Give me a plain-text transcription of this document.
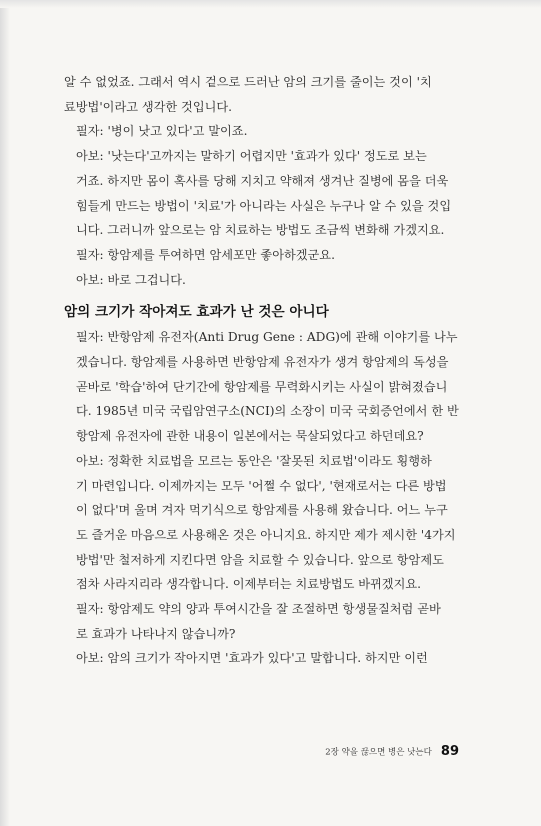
알 수 없었죠. 그래서 역시 겉으로 드러난 암의 크기를 줄이는 것이 '치
료방법'이라고 생각한 것입니다.

필자: '병이 낫고 있다'고 말이죠.

아보: '낫는다'고까지는 말하기 어렵지만 '효과가 있다' 정도로 보는
거죠. 하지만 몸이 혹사를 당해 지치고 약해져 생겨난 질병에 몸을 더욱
힘들게 만드는 방법이 '치료'가 아니라는 사실은 누구나 알 수 있을 것입
니다. 그러니까 앞으로는 암 치료하는 방법도 조금씩 변화해 가겠지요.

필자: 항암제를 투여하면 암세포만 좋아하겠군요.

아보: 바로 그겁니다.

암의 크기가 작아져도 효과가 난 것은 아니다

필자: 반항암제 유전자(Anti Drug Gene : ADG)에 관해 이야기를 나누
겠습니다. 항암제를 사용하면 반항암제 유전자가 생겨 항암제의 독성을
곧바로 '학습'하여 단기간에 항암제를 무력화시키는 사실이 밝혀졌습니
다. 1985년 미국 국립암연구소(NCI)의 소장이 미국 국회증언에서 한 반
항암제 유전자에 관한 내용이 일본에서는 묵살되었다고 하던데요?

아보: 정확한 치료법을 모르는 동안은 '잘못된 치료법'이라도 횡행하
기 마련입니다. 이제까지는 모두 '어쩔 수 없다', '현재로서는 다른 방법
이 없다'며 울며 겨자 먹기식으로 항암제를 사용해 왔습니다. 어느 누구
도 즐거운 마음으로 사용해온 것은 아니지요. 하지만 제가 제시한 '4가지
방법'만 철저하게 지킨다면 암을 치료할 수 있습니다. 앞으로 항암제도
점차 사라지리라 생각합니다. 이제부터는 치료방법도 바뀌겠지요.

필자: 항암제도 약의 양과 투여시간을 잘 조절하면 항생물질처럼 곧바
로 효과가 나타나지 않습니까?

아보: 암의 크기가 작아지면 '효과가 있다'고 말합니다. 하지만 이런

2장 약을 끊으면 병은 낫는다 89
